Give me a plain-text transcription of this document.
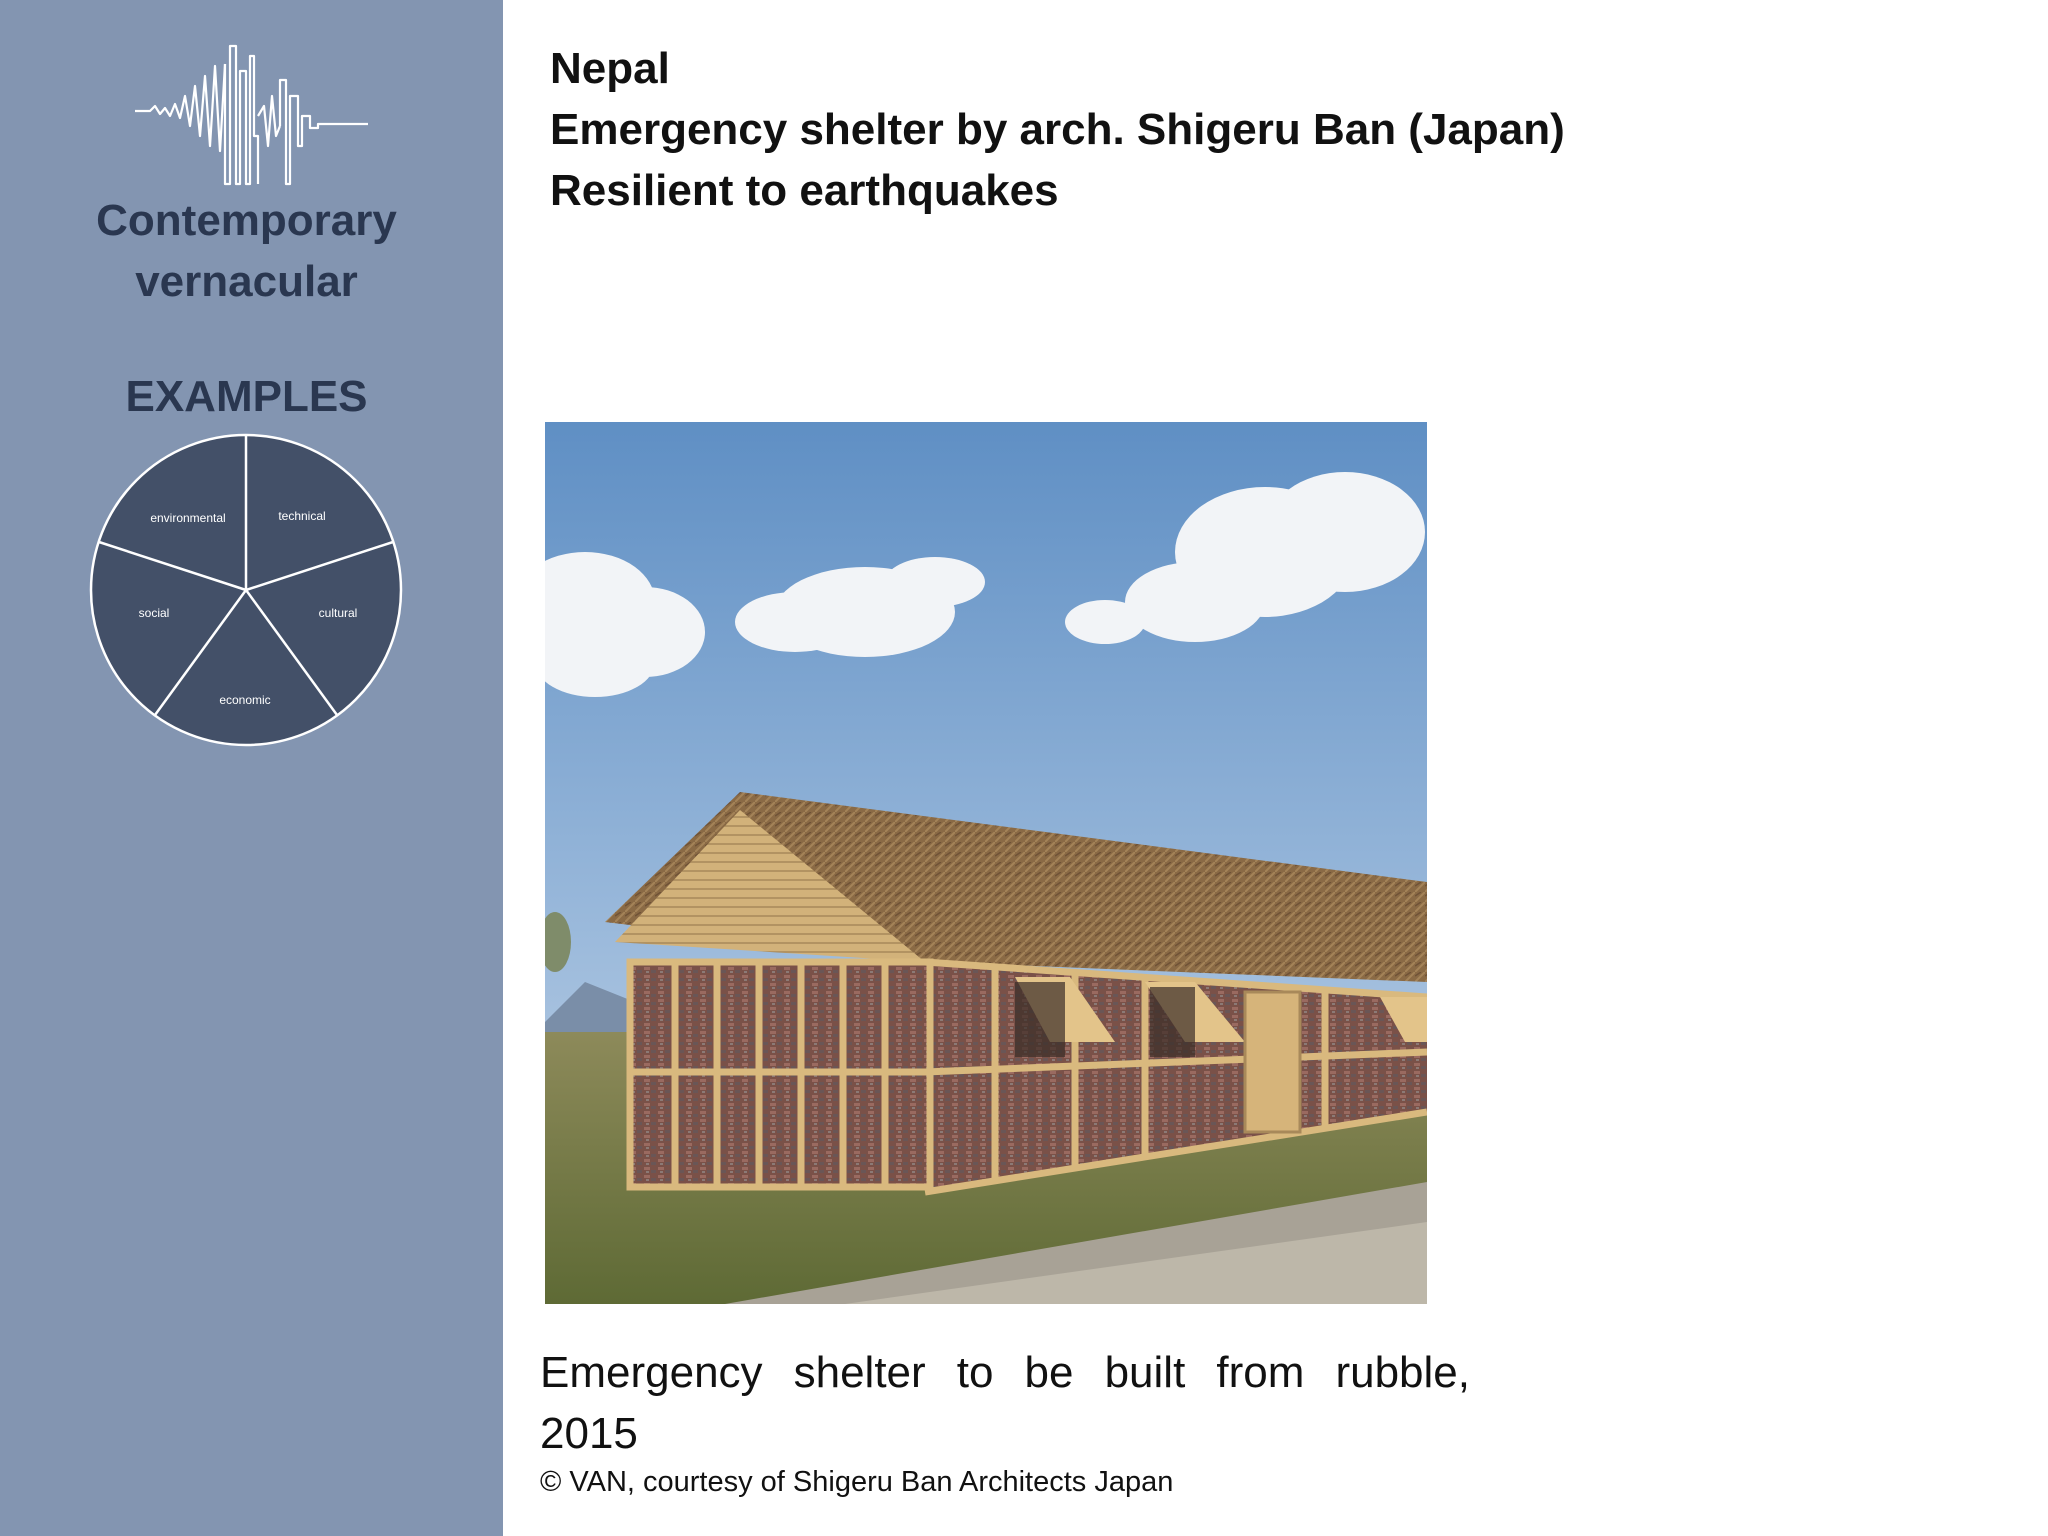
Contemporary
vernacular
EXAMPLES
environmental	technical
social	cultural
economic
Nepal
Emergency shelter by arch. Shigeru Ban (Japan)
Resilient to earthquakes
Emergency shelter to be built from rubble, 2015
© VAN, courtesy of Shigeru Ban Architects Japan
